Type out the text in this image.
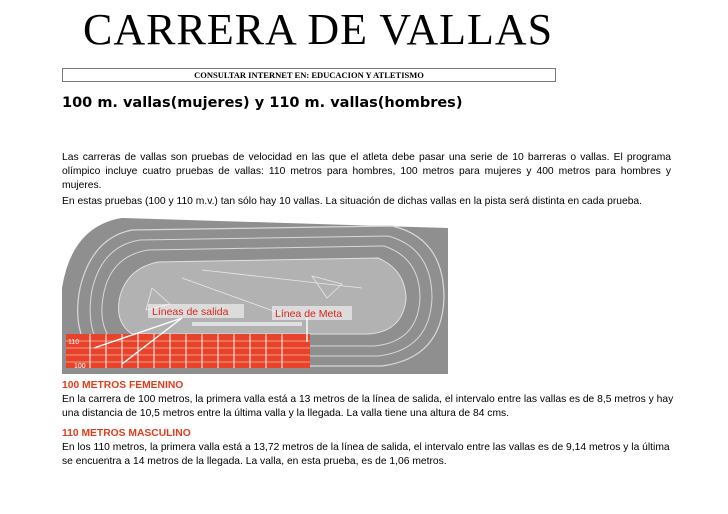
CARRERA DE VALLAS
CONSULTAR INTERNET EN: EDUCACION Y ATLETISMO
100 m. vallas(mujeres) y 110 m. vallas(hombres)

Las carreras de vallas son pruebas de velocidad en las que el atleta debe pasar una serie de 10 barreras o vallas. El programa olímpico incluye cuatro pruebas de vallas: 110 metros para hombres, 100 metros para mujeres y 400 metros para hombres y mujeres.

En estas pruebas (100 y 110 m.v.) tan sólo hay 10 vallas. La situación de dichas vallas en la pista será distinta en cada prueba.

Líneas de salida	Línea de Meta
110
100

100 METROS FEMENINO
En la carrera de 100 metros, la primera valla está a 13 metros de la línea de salida, el intervalo entre las vallas es de 8,5 metros y hay una distancia de 10,5 metros entre la última valla y la llegada. La valla tiene una altura de 84 cms.

110 METROS MASCULINO
En los 110 metros, la primera valla está a 13,72 metros de la línea de salida, el intervalo entre las vallas es de 9,14 metros y la última se encuentra a 14 metros de la llegada. La valla, en esta prueba, es de 1,06 metros.
